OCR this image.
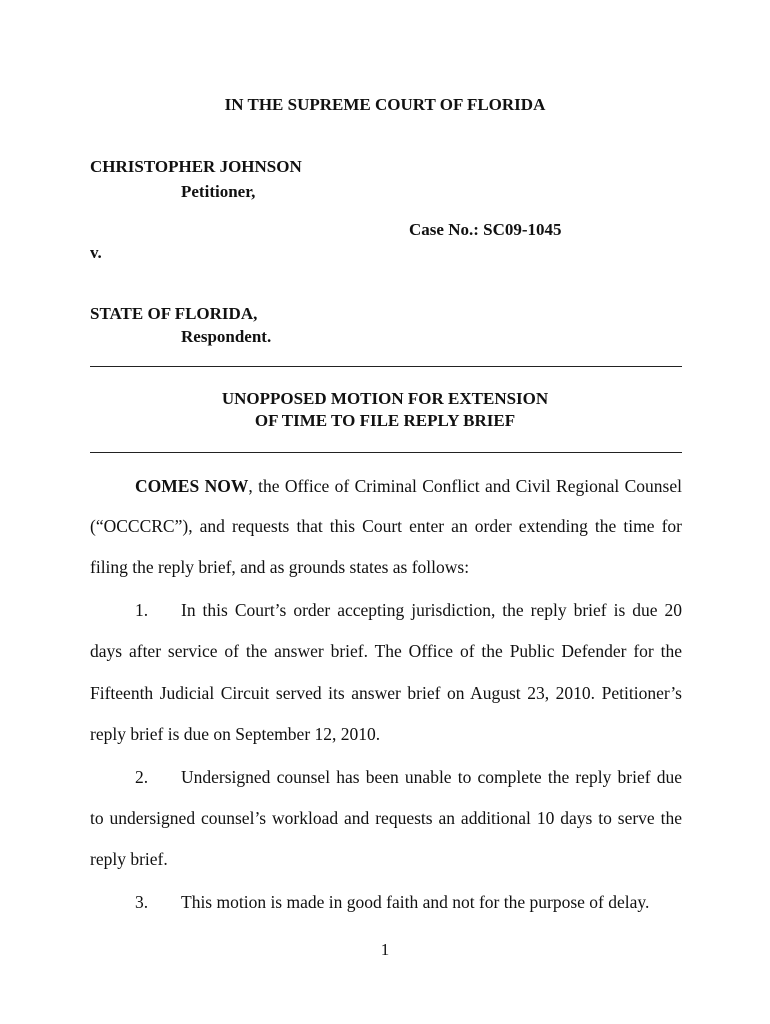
IN THE SUPREME COURT OF FLORIDA
CHRISTOPHER JOHNSON
Petitioner,
Case No.: SC09-1045
v.
STATE OF FLORIDA,
Respondent.
UNOPPOSED MOTION FOR EXTENSION
OF TIME TO FILE REPLY BRIEF
COMES NOW, the Office of Criminal Conflict and Civil Regional Counsel
(“OCCCRC”), and requests that this Court enter an order extending the time for
filing the reply brief, and as grounds states as follows:
1. In this Court’s order accepting jurisdiction, the reply brief is due 20
days after service of the answer brief. The Office of the Public Defender for the
Fifteenth Judicial Circuit served its answer brief on August 23, 2010. Petitioner’s
reply brief is due on September 12, 2010.
2. Undersigned counsel has been unable to complete the reply brief due
to undersigned counsel’s workload and requests an additional 10 days to serve the
reply brief.
3. This motion is made in good faith and not for the purpose of delay.
1
